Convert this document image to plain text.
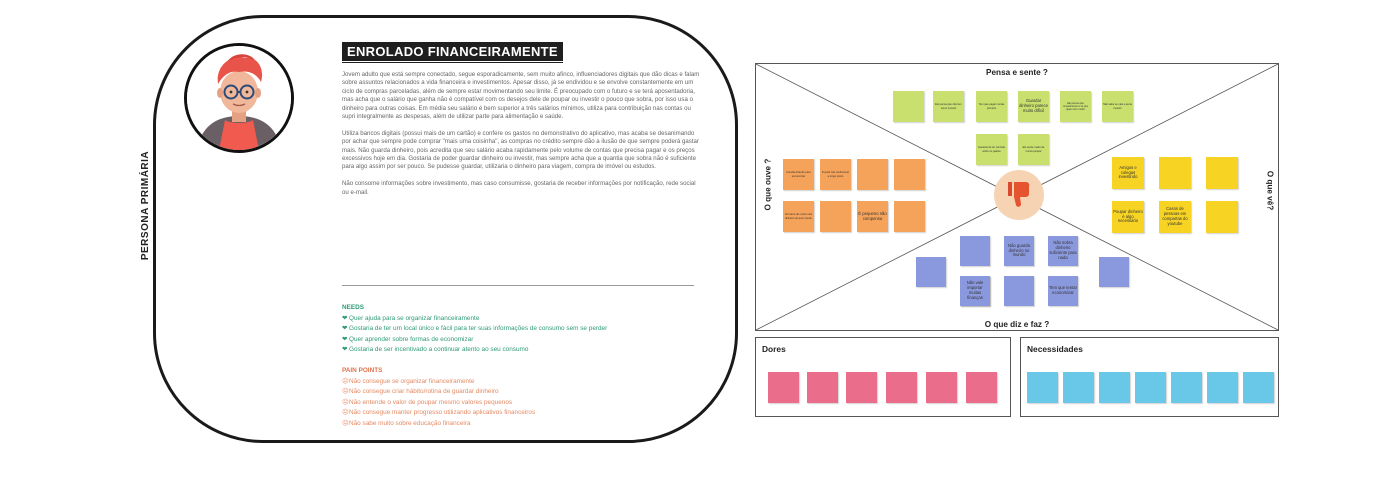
PERSONA PRIMÁRIA
ENROLADO FINANCEIRAMENTE

Jovem adulto que está sempre conectado, segue esporadicamente, sem muito afinco, influenciadores digitais que dão dicas e falam sobre assuntos relacionados a vida financeira e investimentos. Apesar disso, já se endividou e se envolve constantemente em um ciclo de compras parceladas, além de sempre estar movimentando seu limite. É preocupado com o futuro e se terá aposentadoria, mas acha que o salário que ganha não é compatível com os desejos dele de poupar ou investir o pouco que sobra, por isso usa o dinheiro para outras coisas. Em média seu salário é bem superior a três salários mínimos, utiliza para contribuição nas contas ou supri integralmente as despesas, além de utilizar parte para alimentação e saúde.

Utiliza bancos digitais (possui mais de um cartão) e confere os gastos no demonstrativo do aplicativo, mas acaba se desanimando por achar que sempre pode comprar "mais uma coisinha", as compras no crédito sempre dão a ilusão de que sempre poderá gastar mais. Não guarda dinheiro, pois acredita que seu salário acaba rapidamente pelo volume de contas que precisa pagar e os preços excessivos hoje em dia. Gostaria de poder guardar dinheiro ou investir, mas sempre acha que a quantia que sobra não é suficiente para algo assim por ser pouco. Se pudesse guardar, utilizaria o dinheiro para viagem, compra de imóvel ou estudos.

Não consome informações sobre investimento, mas caso consumisse, gostaria de receber informações por notificação, rede social ou e-mail.

NEEDS
❤ Quer ajuda para se organizar financeiramente
❤ Gostaria de ter um local único e fácil para ter suas informações de consumo sem se perder
❤ Quer aprender sobre formas de economizar
❤ Gostaria de ser incentivado a continuar atento ao seu consumo
PAIN POINTS
☹Não consegue se organizar financeiramente
☹Não consegue criar hábito/rotina de guardar dinheiro
☹Não entende o valor de poupar mesmo valores pequenos
☹Não consegue manter progresso utilizando aplicativos financeiros
☹Não sabe muito sobre educação financeira
Pensa e sente ?
O que diz e faz ?
O que ouve ?	O que vê?
Ele pensa que não tem como investir
Tem que pagar contas primeiro
Guardar dinheiro parece muito difícil
Ele pensa que investimento é só pra quem tem muito
Não sabe se vale a pena investir
Gostaria de ter controle sobre os gastos
Ele sente medo de nunca poupar
Família dizendo para economizar
Investir traz rendimento a longo prazo
Ver tanto de muito mais dinheiro do que investir
É pequeno não compensa
Amigos e colegas investindo
Poupar dinheiro é algo necessário
Casos de pessoas em compartas do youtube
Não guarda dinheiro no mundo
Não sobra dinheiro suficiente para nada
Não vale importar muitas finanças
Tem que tentar economizar
Dores	Necessidades
